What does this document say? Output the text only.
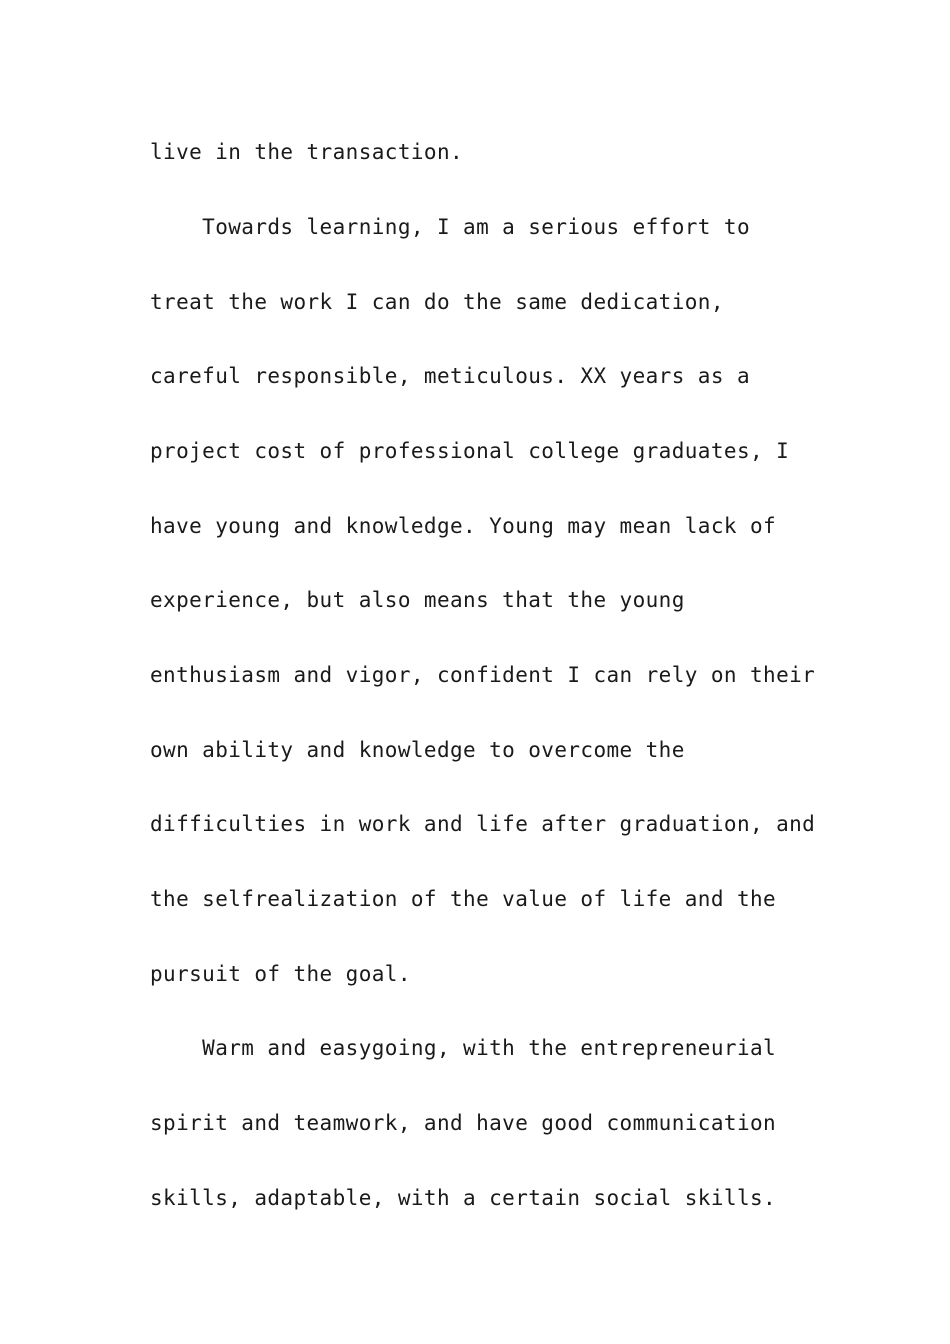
live in the transaction.
Towards learning, I am a serious effort to
treat the work I can do the same dedication,
careful responsible, meticulous. XX years as a
project cost of professional college graduates, I
have young and knowledge. Young may mean lack of
experience, but also means that the young
enthusiasm and vigor, confident I can rely on their
own ability and knowledge to overcome the
difficulties in work and life after graduation, and
the selfrealization of the value of life and the
pursuit of the goal.
Warm and easygoing, with the entrepreneurial
spirit and teamwork, and have good communication
skills, adaptable, with a certain social skills.
